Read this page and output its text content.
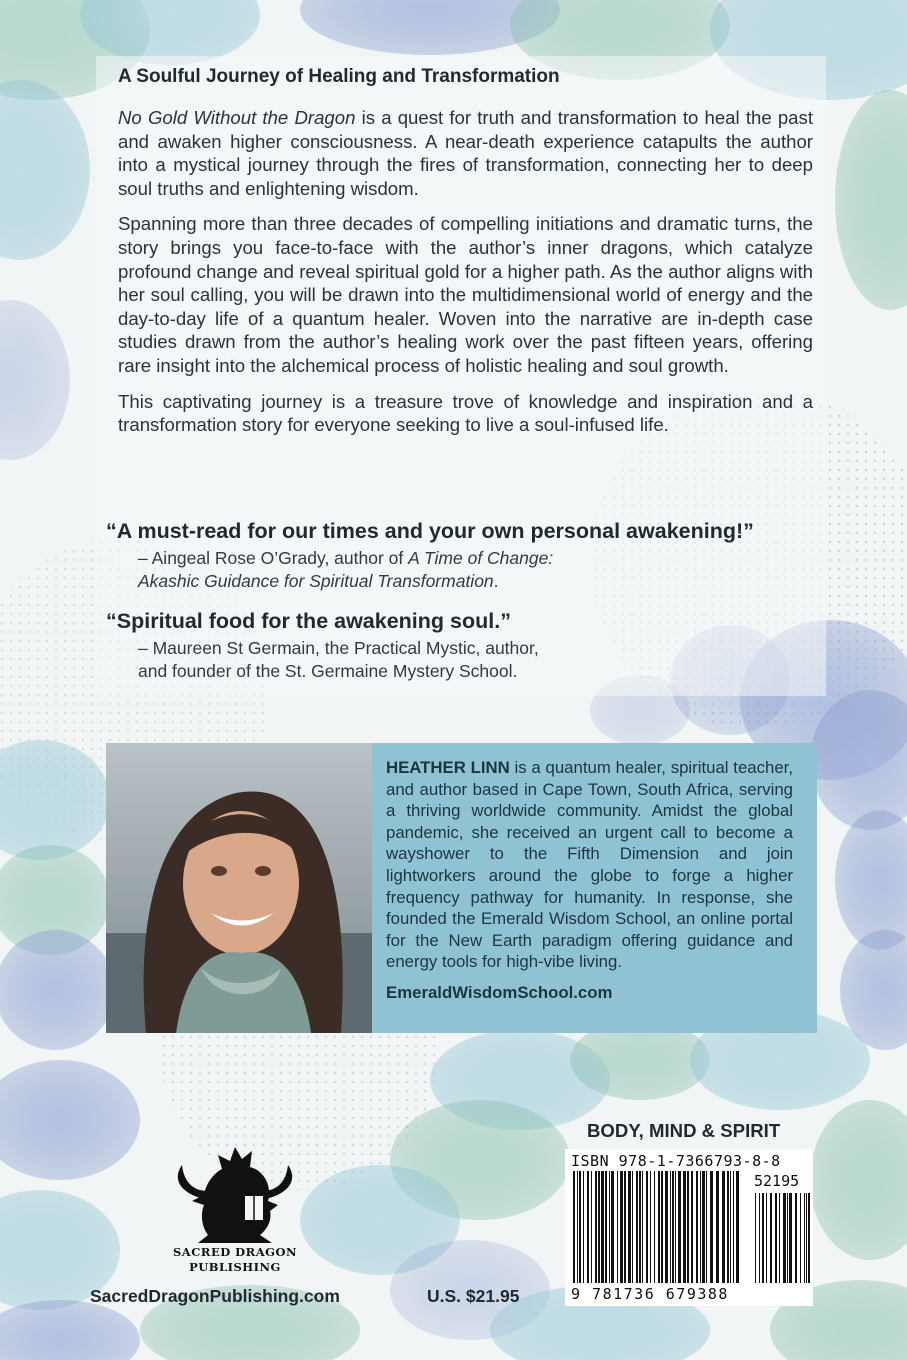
A Soulful Journey of Healing and Transformation

No Gold Without the Dragon is a quest for truth and transformation to heal the past and awaken higher consciousness. A near-death experience catapults the author into a mystical journey through the fires of transformation, connecting her to deep soul truths and enlightening wisdom.

Spanning more than three decades of compelling initiations and dramatic turns, the story brings you face-to-face with the author’s inner dragons, which catalyze profound change and reveal spiritual gold for a higher path. As the author aligns with her soul calling, you will be drawn into the multidimensional world of energy and the day-to-day life of a quantum healer. Woven into the narrative are in-depth case studies drawn from the author’s healing work over the past fifteen years, offering rare insight into the alchemical process of holistic healing and soul growth.

This captivating journey is a treasure trove of knowledge and inspiration and a transformation story for everyone seeking to live a soul-infused life.

“A must-read for our times and your own personal awakening!”

– Aingeal Rose O’Grady, author of A Time of Change:
Akashic Guidance for Spiritual Transformation.

“Spiritual food for the awakening soul.”

– Maureen St Germain, the Practical Mystic, author,
and founder of the St. Germaine Mystery School.

HEATHER LINN is a quantum healer, spiritual teacher, and author based in Cape Town, South Africa, serving a thriving worldwide community. Amidst the global pandemic, she received an urgent call to become a wayshower to the Fifth Dimension and join lightworkers around the globe to forge a higher frequency pathway for humanity. In response, she founded the Emerald Wisdom School, an online portal for the New Earth paradigm offering guidance and energy tools for high-vibe living.

EmeraldWisdomSchool.com

SACRED DRAGON
PUBLISHING

SacredDragonPublishing.com	U.S. $21.95

BODY, MIND & SPIRIT

ISBN 978-1-7366793-8-8

52195

9 781736 679388
